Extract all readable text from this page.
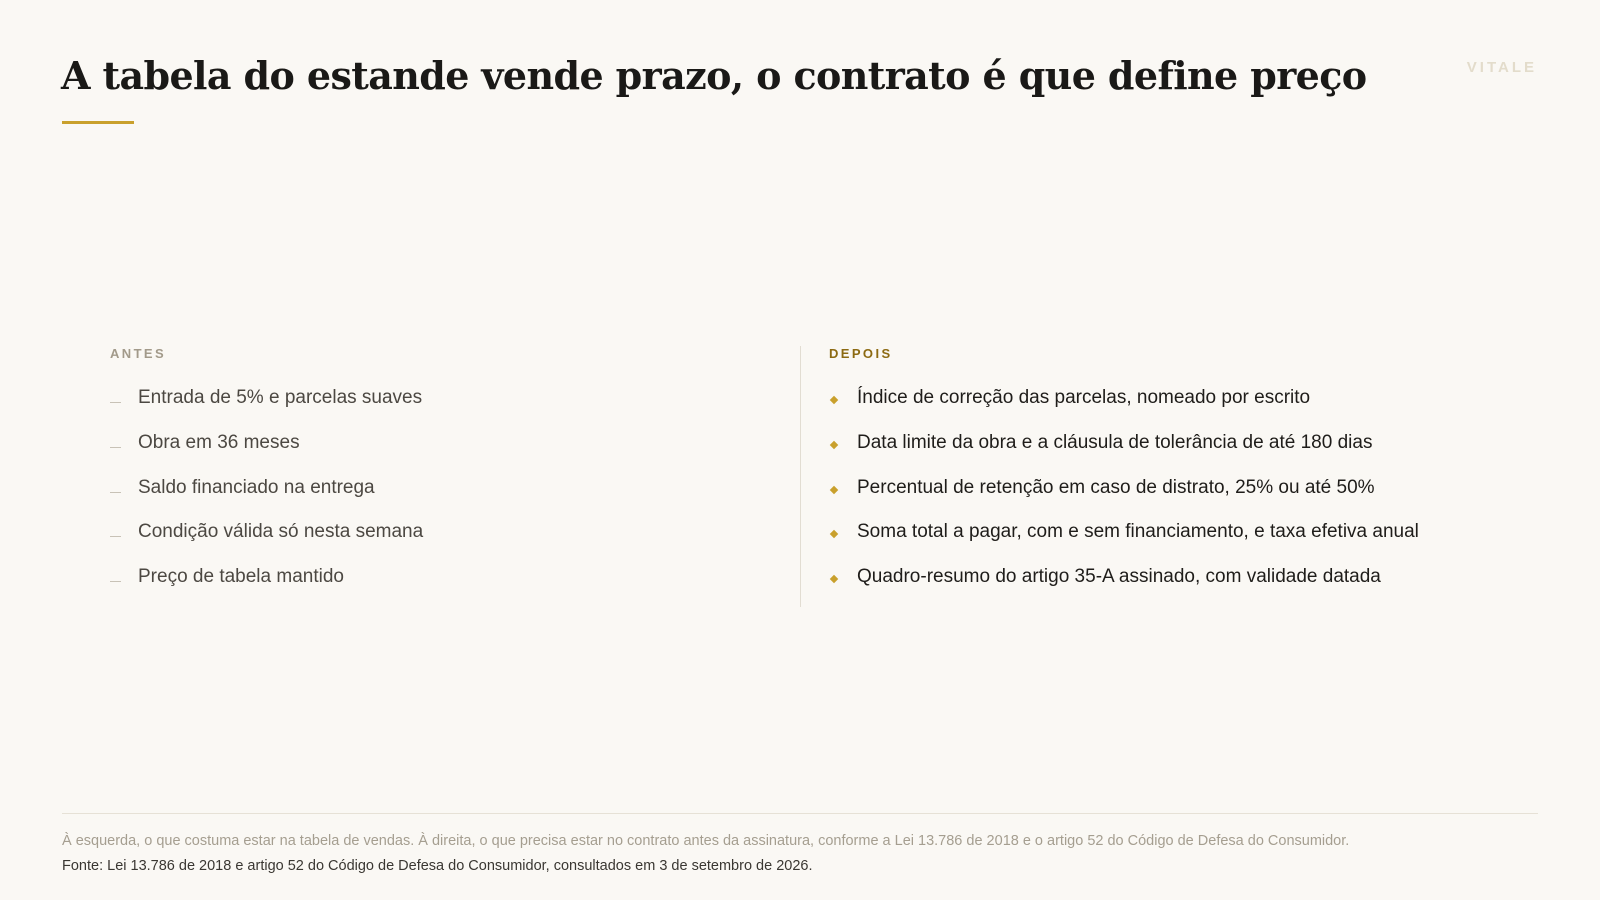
A tabela do estande vende prazo, o contrato é que define preço	VITALE
ANTES
Entrada de 5% e parcelas suaves
Obra em 36 meses
Saldo financiado na entrega
Condição válida só nesta semana
Preço de tabela mantido
DEPOIS
Índice de correção das parcelas, nomeado por escrito
Data limite da obra e a cláusula de tolerância de até 180 dias
Percentual de retenção em caso de distrato, 25% ou até 50%
Soma total a pagar, com e sem financiamento, e taxa efetiva anual
Quadro-resumo do artigo 35-A assinado, com validade datada
À esquerda, o que costuma estar na tabela de vendas. À direita, o que precisa estar no contrato antes da assinatura, conforme a Lei 13.786 de 2018 e o artigo 52 do Código de Defesa do Consumidor.
Fonte: Lei 13.786 de 2018 e artigo 52 do Código de Defesa do Consumidor, consultados em 3 de setembro de 2026.
